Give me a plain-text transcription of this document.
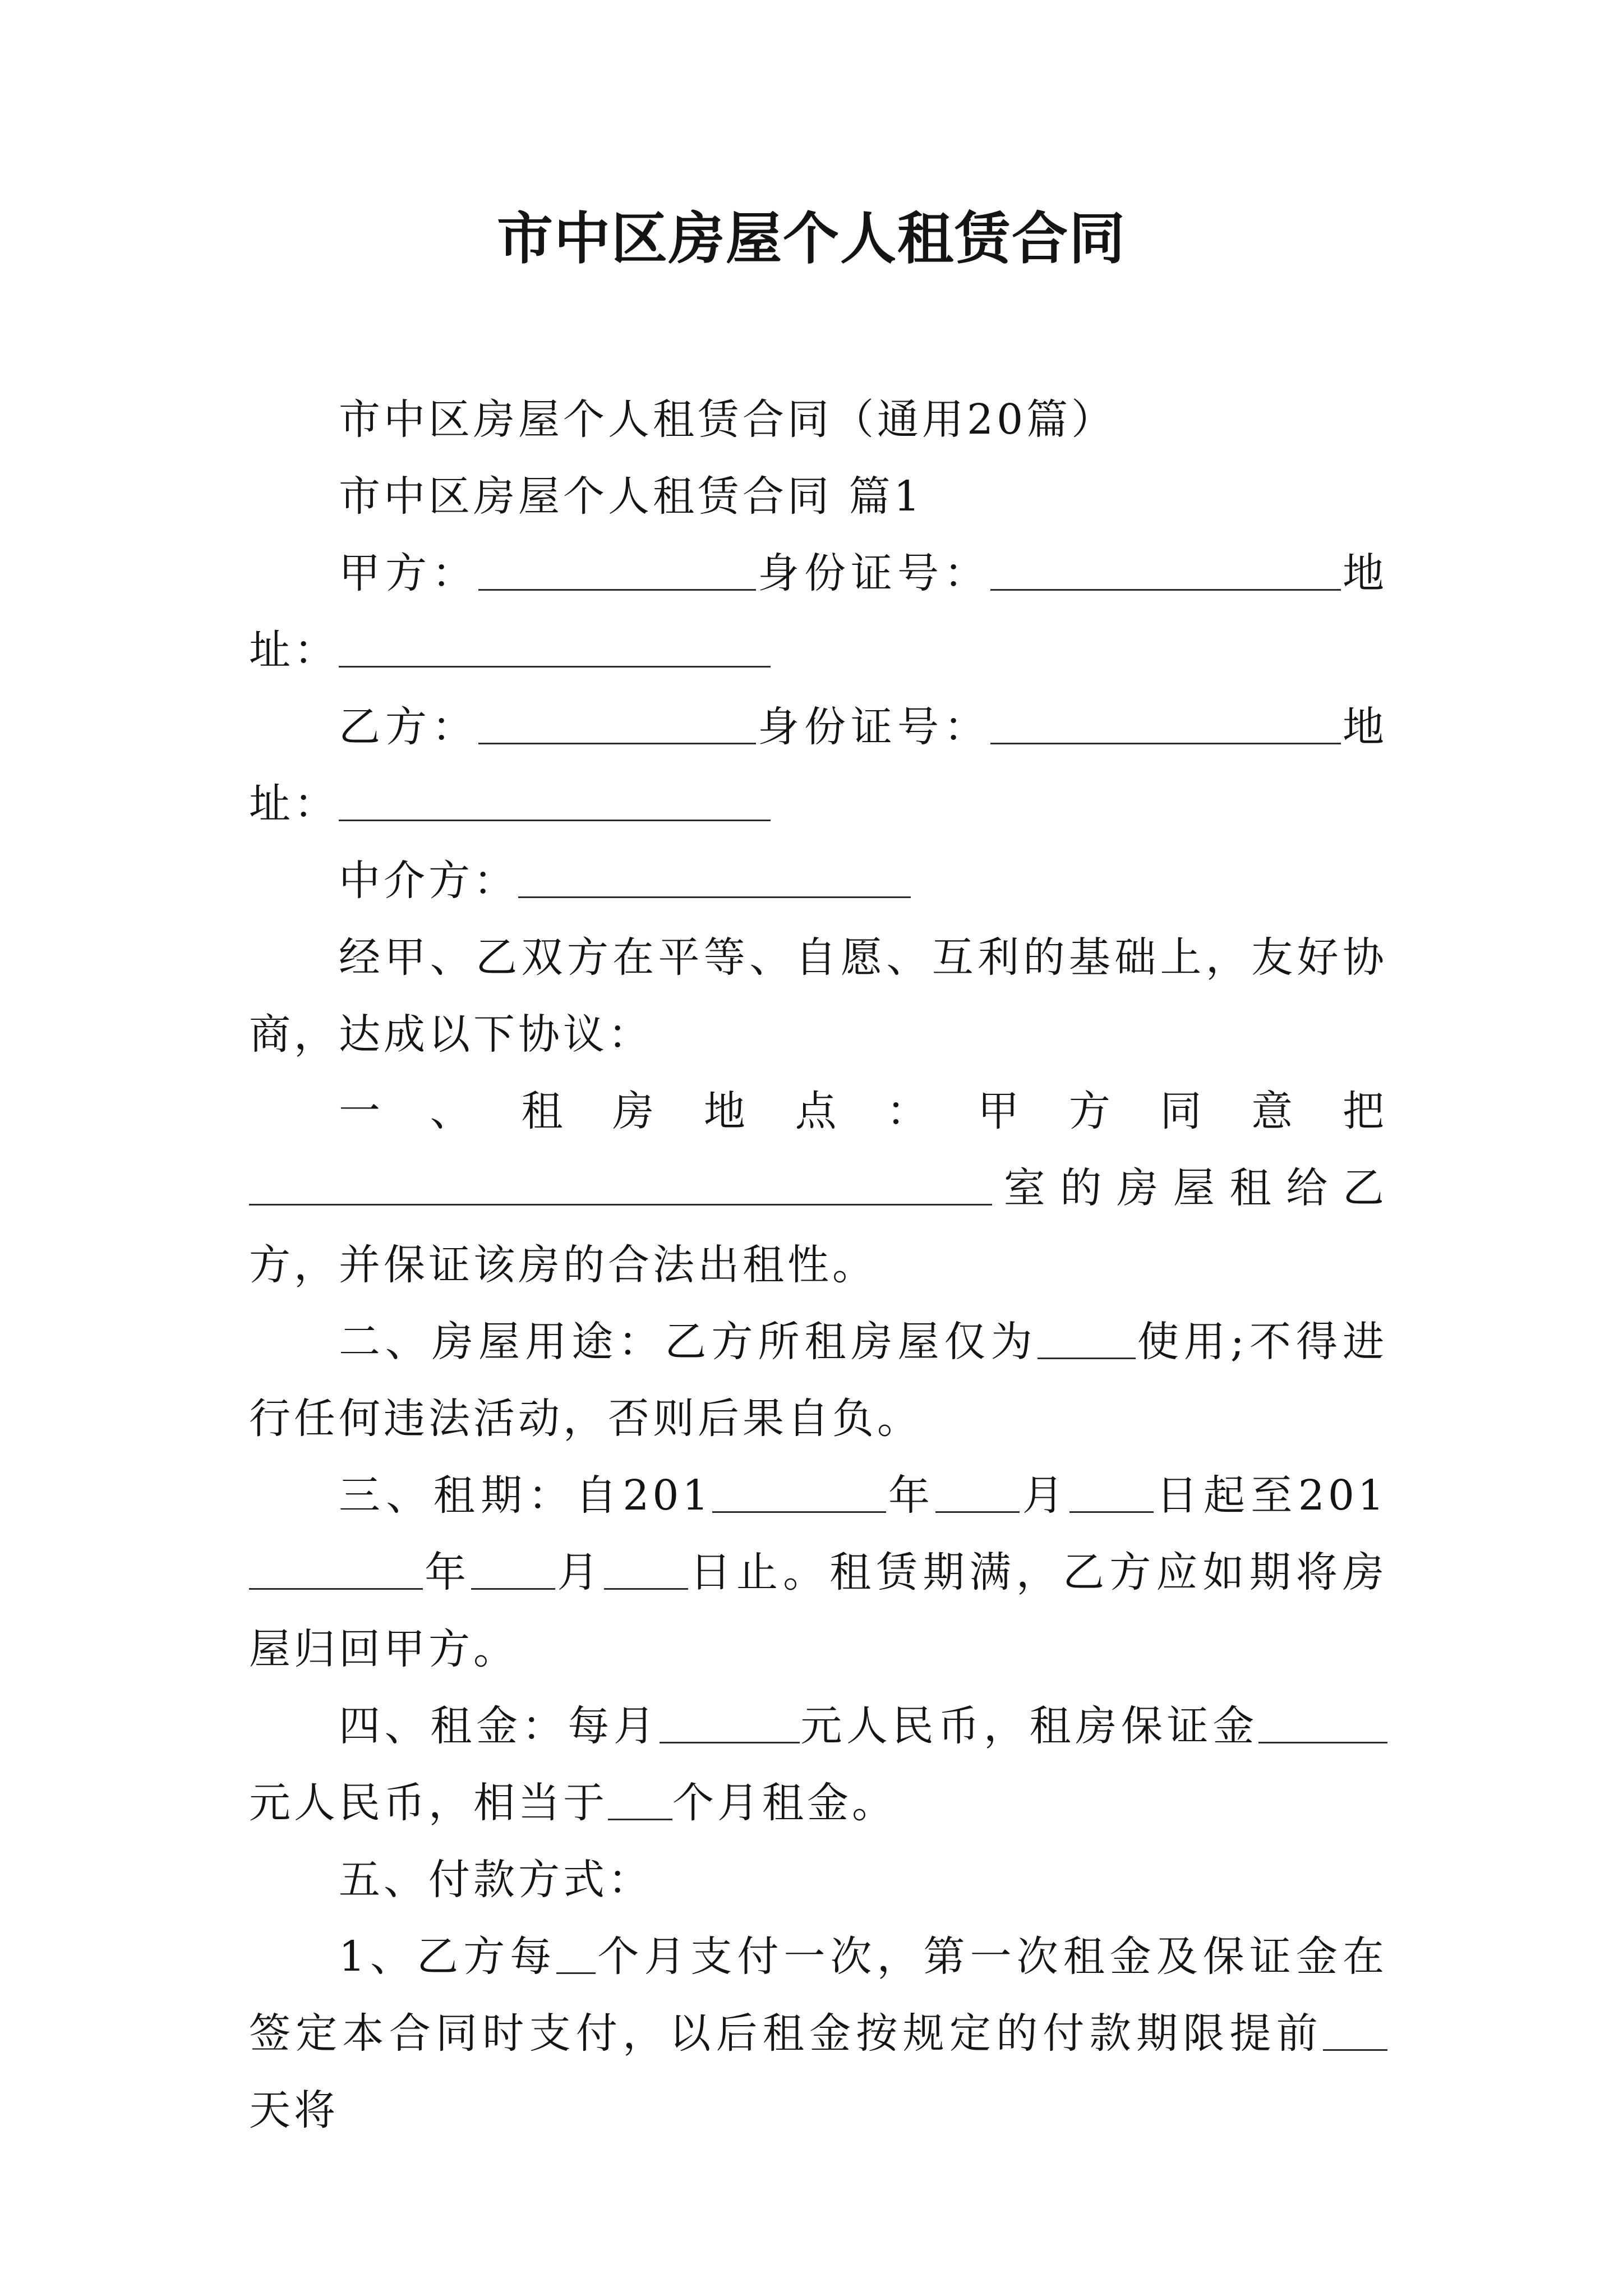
市中区房屋个人租赁合同

市中区房屋个人租赁合同（通用20篇）

市中区房屋个人租赁合同 篇1

甲方：	身份证号：	地址：

乙方：	身份证号：	地址：

中介方：

经甲、乙双方在平等、自愿、互利的基础上，友好协商，达成以下协议：

一、租房地点：甲方同意把室的房屋租给乙方，并保证该房的合法出租性。

二、房屋用途：乙方所租房屋仅为 使用;不得进行任何违法活动，否则后果自负。

三、租期：自201	年 月 日起至201年 月 日止。租赁期满，乙方应如期将房屋归回甲方。

四、租金：每月	元人民币，租房保证金元人民币，相当于 个月租金。

五、付款方式：

1、乙方每 个月支付一次，第一次租金及保证金在签定本合同时支付，以后租金按规定的付款期限提前天将
